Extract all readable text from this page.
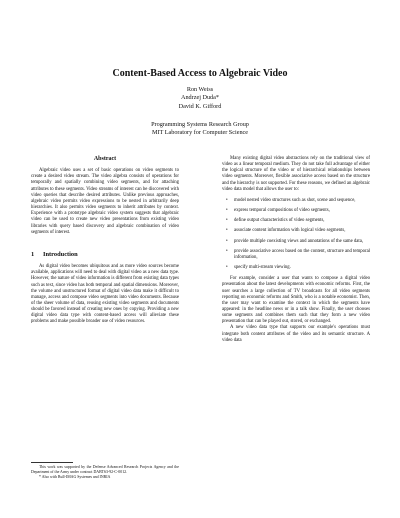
Content-Based Access to Algebraic Video
Ron Weiss
Andrzej Duda*
David K. Gifford
Programming Systems Research Group
MIT Laboratory for Computer Science
Abstract

Algebraic video uses a set of basic operations on video segments to create a desired video stream. The video algebra consists of operations for temporally and spatially combining video segments, and for attaching attributes to these segments. Video streams of interest can be discovered with video queries that describe desired attributes. Unlike previous approaches, algebraic video permits video expressions to be nested in arbitrarily deep hierarchies. It also permits video segments to inherit attributes by context. Experience with a prototype algebraic video system suggests that algebraic video can be used to create new video presentations from existing video libraries with query based discovery and algebraic combination of video segments of interest.

1 Introduction

As digital video becomes ubiquitous and as more video sources become available, applications will need to deal with digital video as a new data type. However, the nature of video information is different from existing data types such as text, since video has both temporal and spatial dimensions. Moreover, the volume and unstructured format of digital video data make it difficult to manage, access and compose video segments into video documents. Because of the sheer volume of data, reusing existing video segments and documents should be favored instead of creating new ones by copying. Providing a new digital video data type with content-based access will alleviate these problems and make possible broader use of video resources.

This work was supported by the Defense Advanced Research Projects Agency and the Department of the Army under contract DABT63-92-C-0012.

* Also with Bull-IMAG Systemes and INRIA

Many existing digital video abstractions rely on the traditional view of video as a linear temporal medium. They do not take full advantage of either the logical structure of the video or of hierarchical relationships between video segments. Moreover, flexible associative access based on the structure and the hierarchy is not supported. For these reasons, we defined an algebraic video data model that allows the user to:

• model nested video structures such as shot, scene and sequence,
• express temporal compositions of video segments,
• define output characteristics of video segments,
• associate content information with logical video segments,
• provide multiple coexisting views and annotations of the same data,
• provide associative access based on the content, structure and temporal information,
• specify multi-stream viewing.

For example, consider a user that wants to compose a digital video presentation about the latest developments with economic reforms. First, the user searches a large collection of TV broadcasts for all video segments reporting on economic reforms and Smith, who is a notable economist. Then, the user may want to examine the context in which the segments have appeared: in the headline news or in a talk show. Finally, the user chooses some segments and combines them such that they form a new video presentation that can be played out, stored, or exchanged.

A new video data type that supports our example's operations must integrate both content attributes of the video and its semantic structure. A video data
